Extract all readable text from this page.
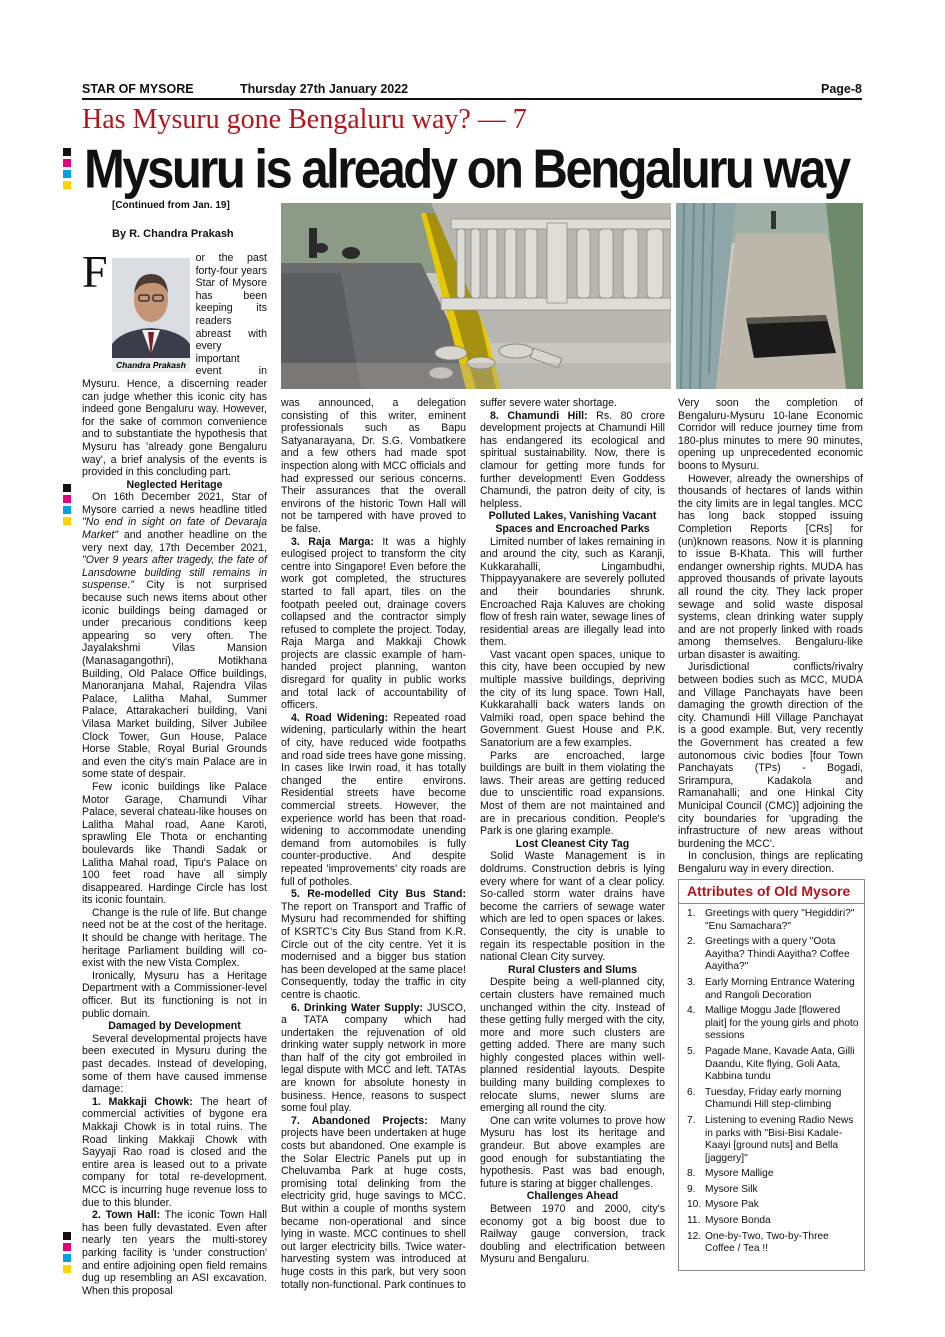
STAR OF MYSORE	Thursday 27th January 2022	Page-8
Has Mysuru gone Bengaluru way? — 7
Mysuru is already on Bengaluru way
[Continued from Jan. 19]
By R. Chandra Prakash

F
Chandra Prakash
or the past forty-four years Star of Mysore has been keeping its readers abreast with every important event in Mysuru. Hence, a discerning reader can judge whether this iconic city has indeed gone Bengaluru way. However, for the sake of common convenience and to substantiate the hypothesis that Mysuru has 'already gone Bengaluru way', a brief analysis of the events is provided in this concluding part.

Neglected Heritage

On 16th December 2021, Star of Mysore carried a news headline titled "No end in sight on fate of Devaraja Market" and another headline on the very next day, 17th December 2021, "Over 9 years after tragedy, the fate of Lansdowne building still remains in suspense." City is not surprised because such news items about other iconic buildings being damaged or under precarious conditions keep appearing so very often. The Jayalakshmi Vilas Mansion (Manasagangothri), Motikhana Building, Old Palace Office buildings, Manoranjana Mahal, Rajendra Vilas Palace, Lalitha Mahal, Summer Palace, Attarakacheri building, Vani Vilasa Market building, Silver Jubilee Clock Tower, Gun House, Palace Horse Stable, Royal Burial Grounds and even the city's main Palace are in some state of despair.

Few iconic buildings like Palace Motor Garage, Chamundi Vihar Palace, several chateau-like houses on Lalitha Mahal road, Aane Karoti, sprawling Ele Thota or enchanting boulevards like Thandi Sadak or Lalitha Mahal road, Tipu's Palace on 100 feet road have all simply disappeared. Hardinge Circle has lost its iconic fountain.

Change is the rule of life. But change need not be at the cost of the heritage. It should be change with heritage. The heritage Parliament building will co-exist with the new Vista Complex.

Ironically, Mysuru has a Heritage Department with a Commissioner-level officer. But its functioning is not in public domain.

Damaged by Development

Several developmental projects have been executed in Mysuru during the past decades. Instead of developing, some of them have caused immense damage:

1. Makkaji Chowk: The heart of commercial activities of bygone era Makkaji Chowk is in total ruins. The Road linking Makkaji Chowk with Sayyaji Rao road is closed and the entire area is leased out to a private company for total re-development. MCC is incurring huge revenue loss to due to this blunder.

2. Town Hall: The iconic Town Hall has been fully devastated. Even after nearly ten years the multi-storey parking facility is 'under construction' and entire adjoining open field remains dug up resembling an ASI excavation. When this proposal

was announced, a delegation consisting of this writer, eminent professionals such as Bapu Satyanarayana, Dr. S.G. Vombatkere and a few others had made spot inspection along with MCC officials and had expressed our serious concerns. Their assurances that the overall environs of the historic Town Hall will not be tampered with have proved to be false.

3. Raja Marga: It was a highly eulogised project to transform the city centre into Singapore! Even before the work got completed, the structures started to fall apart, tiles on the footpath peeled out, drainage covers collapsed and the contractor simply refused to complete the project. Today, Raja Marga and Makkaji Chowk projects are classic example of ham-handed project planning, wanton disregard for quality in public works and total lack of accountability of officers.

4. Road Widening: Repeated road widening, particularly within the heart of city, have reduced wide footpaths and road side trees have gone missing. In cases like Irwin road, it has totally changed the entire environs. Residential streets have become commercial streets. However, the experience world has been that road-widening to accommodate unending demand from automobiles is fully counter-productive. And despite repeated 'improvements' city roads are full of potholes.

5. Re-modelled City Bus Stand: The report on Transport and Traffic of Mysuru had recommended for shifting of KSRTC's City Bus Stand from K.R. Circle out of the city centre. Yet it is modernised and a bigger bus station has been developed at the same place! Consequently, today the traffic in city centre is chaotic.

6. Drinking Water Supply: JUSCO, a TATA company which had undertaken the rejuvenation of old drinking water supply network in more than half of the city got embroiled in legal dispute with MCC and left. TATAs are known for absolute honesty in business. Hence, reasons to suspect some foul play.

7. Abandoned Projects: Many projects have been undertaken at huge costs but abandoned. One example is the Solar Electric Panels put up in Cheluvamba Park at huge costs, promising total delinking from the electricity grid, huge savings to MCC. But within a couple of months system became non-operational and since lying in waste. MCC continues to shell out larger electricity bills. Twice water-harvesting system was introduced at huge costs in this park, but very soon totally non-functional. Park continues to

suffer severe water shortage.

8. Chamundi Hill: Rs. 80 crore development projects at Chamundi Hill has endangered its ecological and spiritual sustainability. Now, there is clamour for getting more funds for further development! Even Goddess Chamundi, the patron deity of city, is helpless.

Polluted Lakes, Vanishing Vacant Spaces and Encroached Parks

Limited number of lakes remaining in and around the city, such as Karanji, Kukkarahalli, Lingambudhi, Thippayyanakere are severely polluted and their boundaries shrunk. Encroached Raja Kaluves are choking flow of fresh rain water, sewage lines of residential areas are illegally lead into them.

Vast vacant open spaces, unique to this city, have been occupied by new multiple massive buildings, depriving the city of its lung space. Town Hall, Kukkarahalli back waters lands on Valmiki road, open space behind the Government Guest House and P.K. Sanatorium are a few examples.

Parks are encroached, large buildings are built in them violating the laws. Their areas are getting reduced due to unscientific road expansions. Most of them are not maintained and are in precarious condition. People's Park is one glaring example.

Lost Cleanest City Tag

Solid Waste Management is in doldrums. Construction debris is lying every where for want of a clear policy. So-called storm water drains have become the carriers of sewage water which are led to open spaces or lakes. Consequently, the city is unable to regain its respectable position in the national Clean City survey.

Rural Clusters and Slums

Despite being a well-planned city, certain clusters have remained much unchanged within the city. Instead of these getting fully merged with the city, more and more such clusters are getting added. There are many such highly congested places within well-planned residential layouts. Despite building many building complexes to relocate slums, newer slums are emerging all round the city.

One can write volumes to prove how Mysuru has lost its heritage and grandeur. But above examples are good enough for substantiating the hypothesis. Past was bad enough, future is staring at bigger challenges.

Challenges Ahead

Between 1970 and 2000, city's economy got a big boost due to Railway gauge conversion, track doubling and electrification between Mysuru and Bengaluru.

Very soon the completion of Bengaluru-Mysuru 10-lane Economic Corridor will reduce journey time from 180-plus minutes to mere 90 minutes, opening up unprecedented economic boons to Mysuru.

However, already the ownerships of thousands of hectares of lands within the city limits are in legal tangles. MCC has long back stopped issuing Completion Reports [CRs] for (un)known reasons. Now it is planning to issue B-Khata. This will further endanger ownership rights. MUDA has approved thousands of private layouts all round the city. They lack proper sewage and solid waste disposal systems, clean drinking water supply and are not properly linked with roads among themselves. Bengaluru-like urban disaster is awaiting.

Jurisdictional conflicts/rivalry between bodies such as MCC, MUDA and Village Panchayats have been damaging the growth direction of the city. Chamundi Hill Village Panchayat is a good example. But, very recently the Government has created a few autonomous civic bodies [four Town Panchayats (TPs) - Bogadi, Srirampura, Kadakola and Ramanahalli; and one Hinkal City Municipal Council (CMC)] adjoining the city boundaries for 'upgrading the infrastructure of new areas without burdening the MCC'.

In conclusion, things are replicating Bengaluru way in every direction.

Attributes of Old Mysore
1. Greetings with query "Hegiddiri?" "Enu Samachara?"
2. Greetings with a query "Oota Aayitha? Thindi Aayitha? Coffee Aayitha?"
3. Early Morning Entrance Watering and Rangoli Decoration
4. Mallige Moggu Jade [flowered plait] for the young girls and photo sessions
5. Pagade Mane, Kavade Aata, Gilli Daandu, Kite flying, Goli Aata, Kabbina tundu
6. Tuesday, Friday early morning Chamundi Hill step-climbing
7. Listening to evening Radio News in parks with "Bisi-Bisi Kadale-Kaayi [ground nuts] and Bella [jaggery]"
8. Mysore Mallige
9. Mysore Silk
10. Mysore Pak
11. Mysore Bonda
12. One-by-Two, Two-by-Three Coffee / Tea !!
